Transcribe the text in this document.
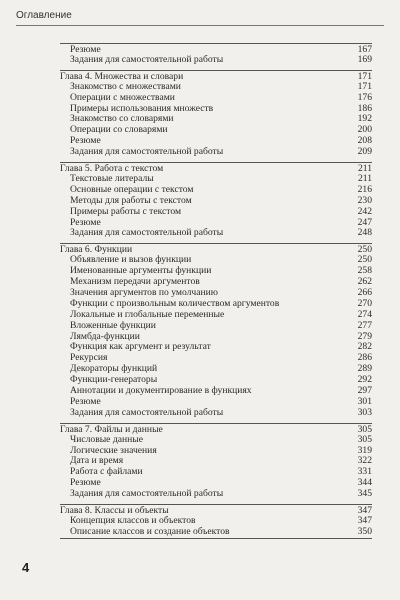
Оглавление
Резюме	167
Задания для самостоятельной работы	169
Глава 4. Множества и словари	171
Знакомство с множествами	171
Операции с множествами	176
Примеры использования множеств	186
Знакомство со словарями	192
Операции со словарями	200
Резюме	208
Задания для самостоятельной работы	209
Глава 5. Работа с текстом	211
Текстовые литералы	211
Основные операции с текстом	216
Методы для работы с текстом	230
Примеры работы с текстом	242
Резюме	247
Задания для самостоятельной работы	248
Глава 6. Функции	250
Объявление и вызов функции	250
Именованные аргументы функции	258
Механизм передачи аргументов	262
Значения аргументов по умолчанию	266
Функции с произвольным количеством аргументов	270
Локальные и глобальные переменные	274
Вложенные функции	277
Лямбда-функции	279
Функция как аргумент и результат	282
Рекурсия	286
Декораторы функций	289
Функции-генераторы	292
Аннотации и документирование в функциях	297
Резюме	301
Задания для самостоятельной работы	303
Глава 7. Файлы и данные	305
Числовые данные	305
Логические значения	319
Дата и время	322
Работа с файлами	331
Резюме	344
Задания для самостоятельной работы	345
Глава 8. Классы и объекты	347
Концепция классов и объектов	347
Описание классов и создание объектов	350
4
